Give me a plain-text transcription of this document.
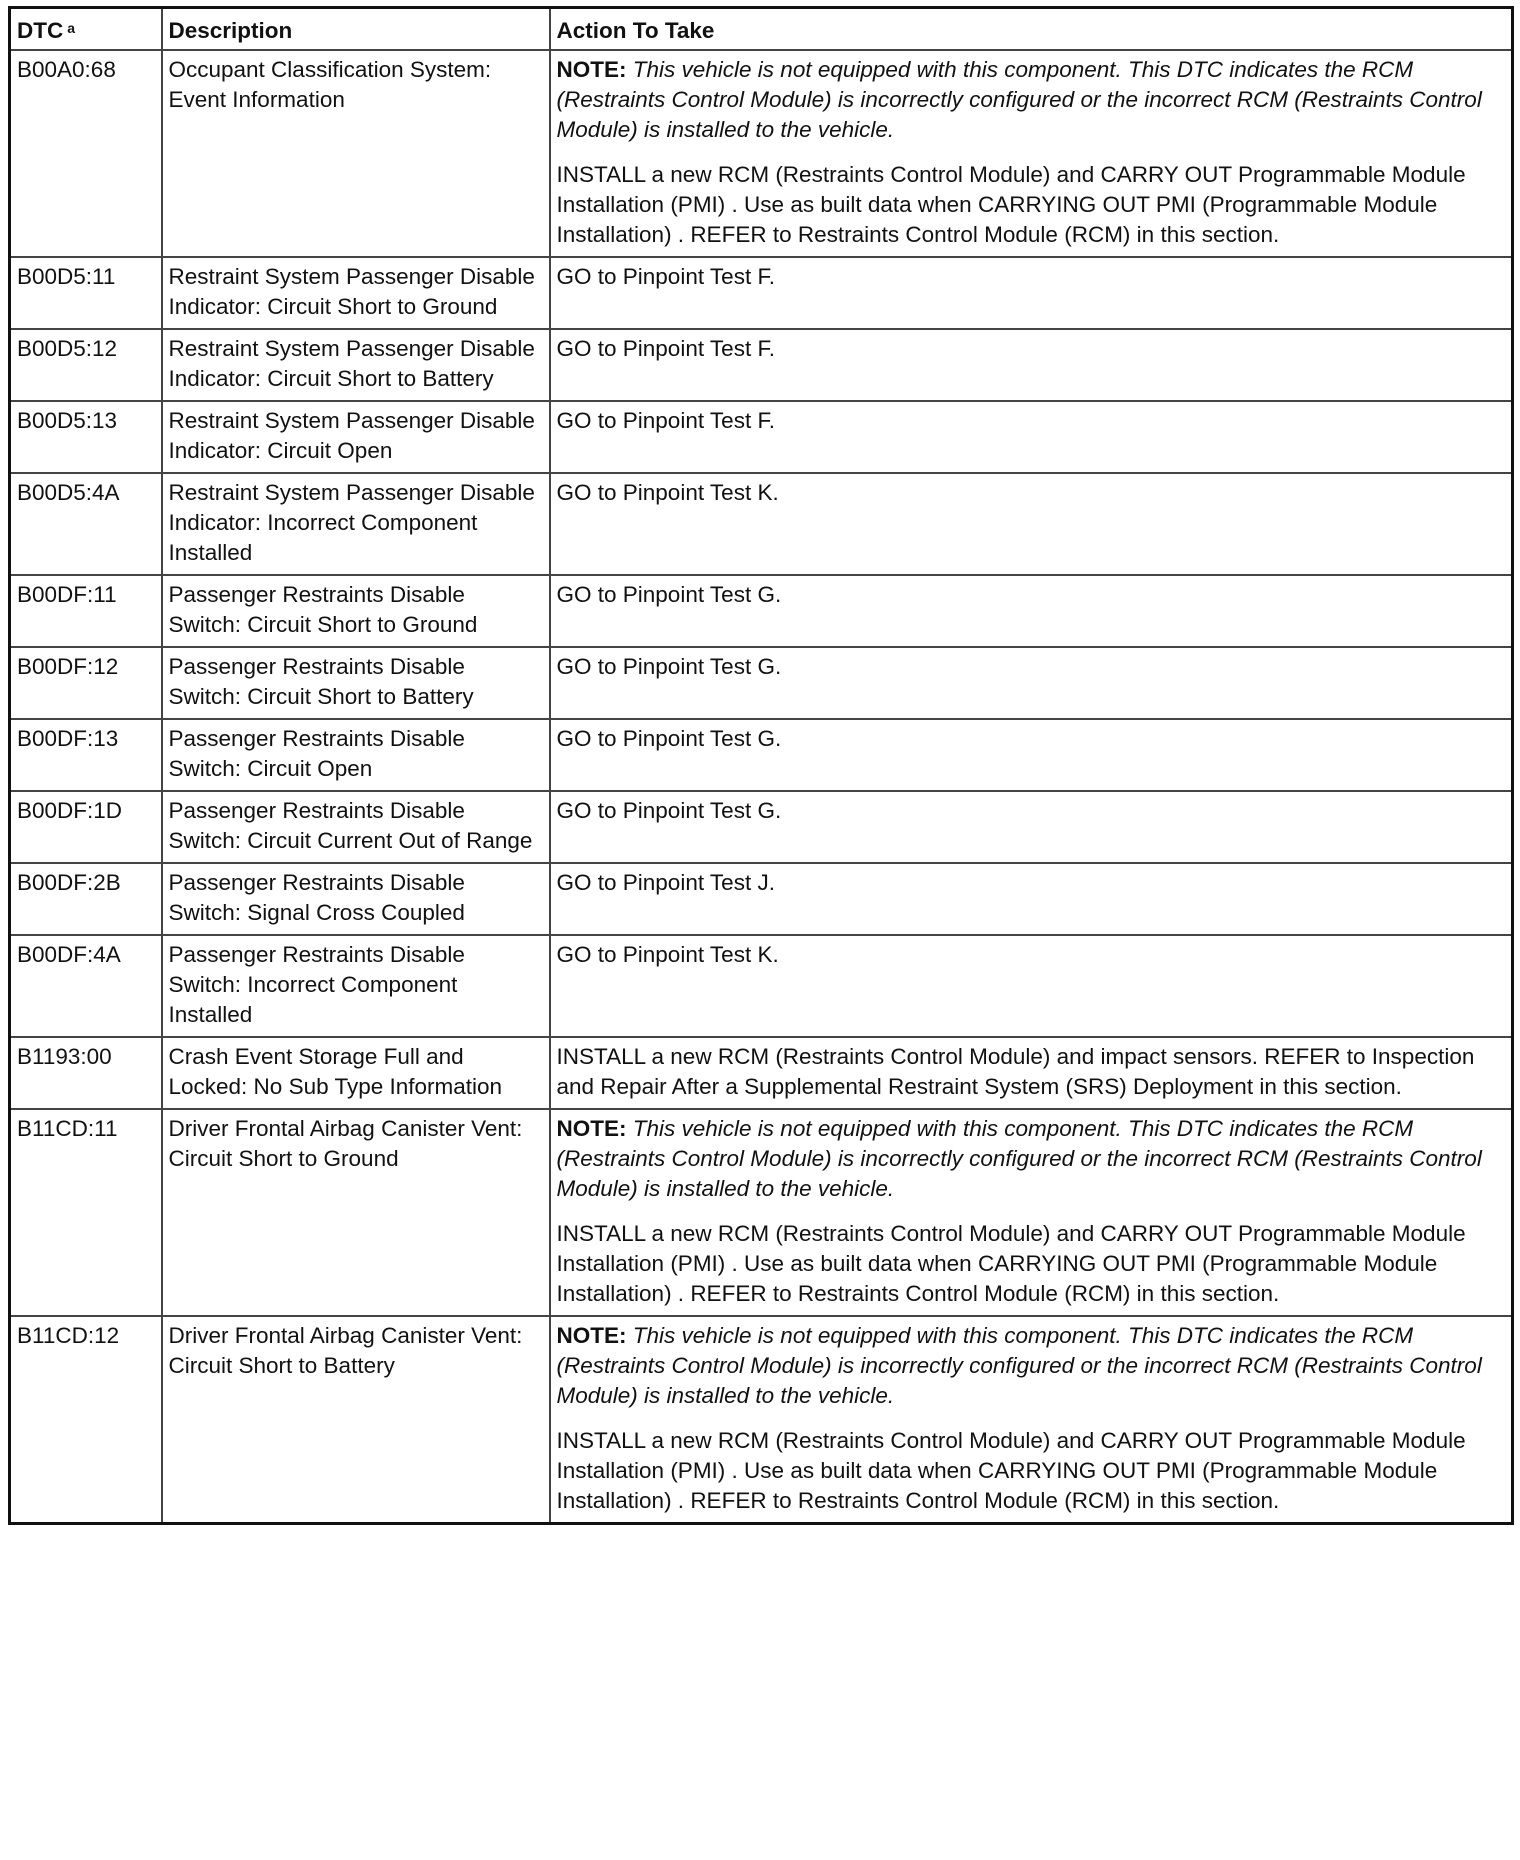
DTC $^a$	Description	Action To Take
B00A0:68	Occupant Classification System: Event Information	NOTE: This vehicle is not equipped with this component. This DTC indicates the RCM (Restraints Control Module) is incorrectly configured or the incorrect RCM (Restraints Control Module) is installed to the vehicle.
INSTALL a new RCM (Restraints Control Module) and CARRY OUT Programmable Module Installation (PMI) . Use as built data when CARRYING OUT PMI (Programmable Module Installation) . REFER to Restraints Control Module (RCM) in this section.

B00D5:11	Restraint System Passenger Disable Indicator: Circuit Short to Ground	GO to Pinpoint Test F.

B00D5:12	Restraint System Passenger Disable Indicator: Circuit Short to Battery	GO to Pinpoint Test F.

B00D5:13	Restraint System Passenger Disable Indicator: Circuit Open	GO to Pinpoint Test F.

B00D5:4A	Restraint System Passenger Disable Indicator: Incorrect Component Installed	GO to Pinpoint Test K.

B00DF:11	Passenger Restraints Disable Switch: Circuit Short to Ground	GO to Pinpoint Test G.

B00DF:12	Passenger Restraints Disable Switch: Circuit Short to Battery	GO to Pinpoint Test G.

B00DF:13	Passenger Restraints Disable Switch: Circuit Open	GO to Pinpoint Test G.

B00DF:1D	Passenger Restraints Disable Switch: Circuit Current Out of Range	GO to Pinpoint Test G.

B00DF:2B	Passenger Restraints Disable Switch: Signal Cross Coupled	GO to Pinpoint Test J.

B00DF:4A	Passenger Restraints Disable Switch: Incorrect Component Installed	GO to Pinpoint Test K.

B1193:00	Crash Event Storage Full and Locked: No Sub Type Information	INSTALL a new RCM (Restraints Control Module) and impact sensors. REFER to Inspection and Repair After a Supplemental Restraint System (SRS) Deployment in this section.

B11CD:11	Driver Frontal Airbag Canister Vent: Circuit Short to Ground	NOTE: This vehicle is not equipped with this component. This DTC indicates the RCM (Restraints Control Module) is incorrectly configured or the incorrect RCM (Restraints Control Module) is installed to the vehicle.
INSTALL a new RCM (Restraints Control Module) and CARRY OUT Programmable Module Installation (PMI) . Use as built data when CARRYING OUT PMI (Programmable Module Installation) . REFER to Restraints Control Module (RCM) in this section.

B11CD:12	Driver Frontal Airbag Canister Vent: Circuit Short to Battery	NOTE: This vehicle is not equipped with this component. This DTC indicates the RCM (Restraints Control Module) is incorrectly configured or the incorrect RCM (Restraints Control Module) is installed to the vehicle.
INSTALL a new RCM (Restraints Control Module) and CARRY OUT Programmable Module Installation (PMI) . Use as built data when CARRYING OUT PMI (Programmable Module Installation) . REFER to Restraints Control Module (RCM) in this section.
